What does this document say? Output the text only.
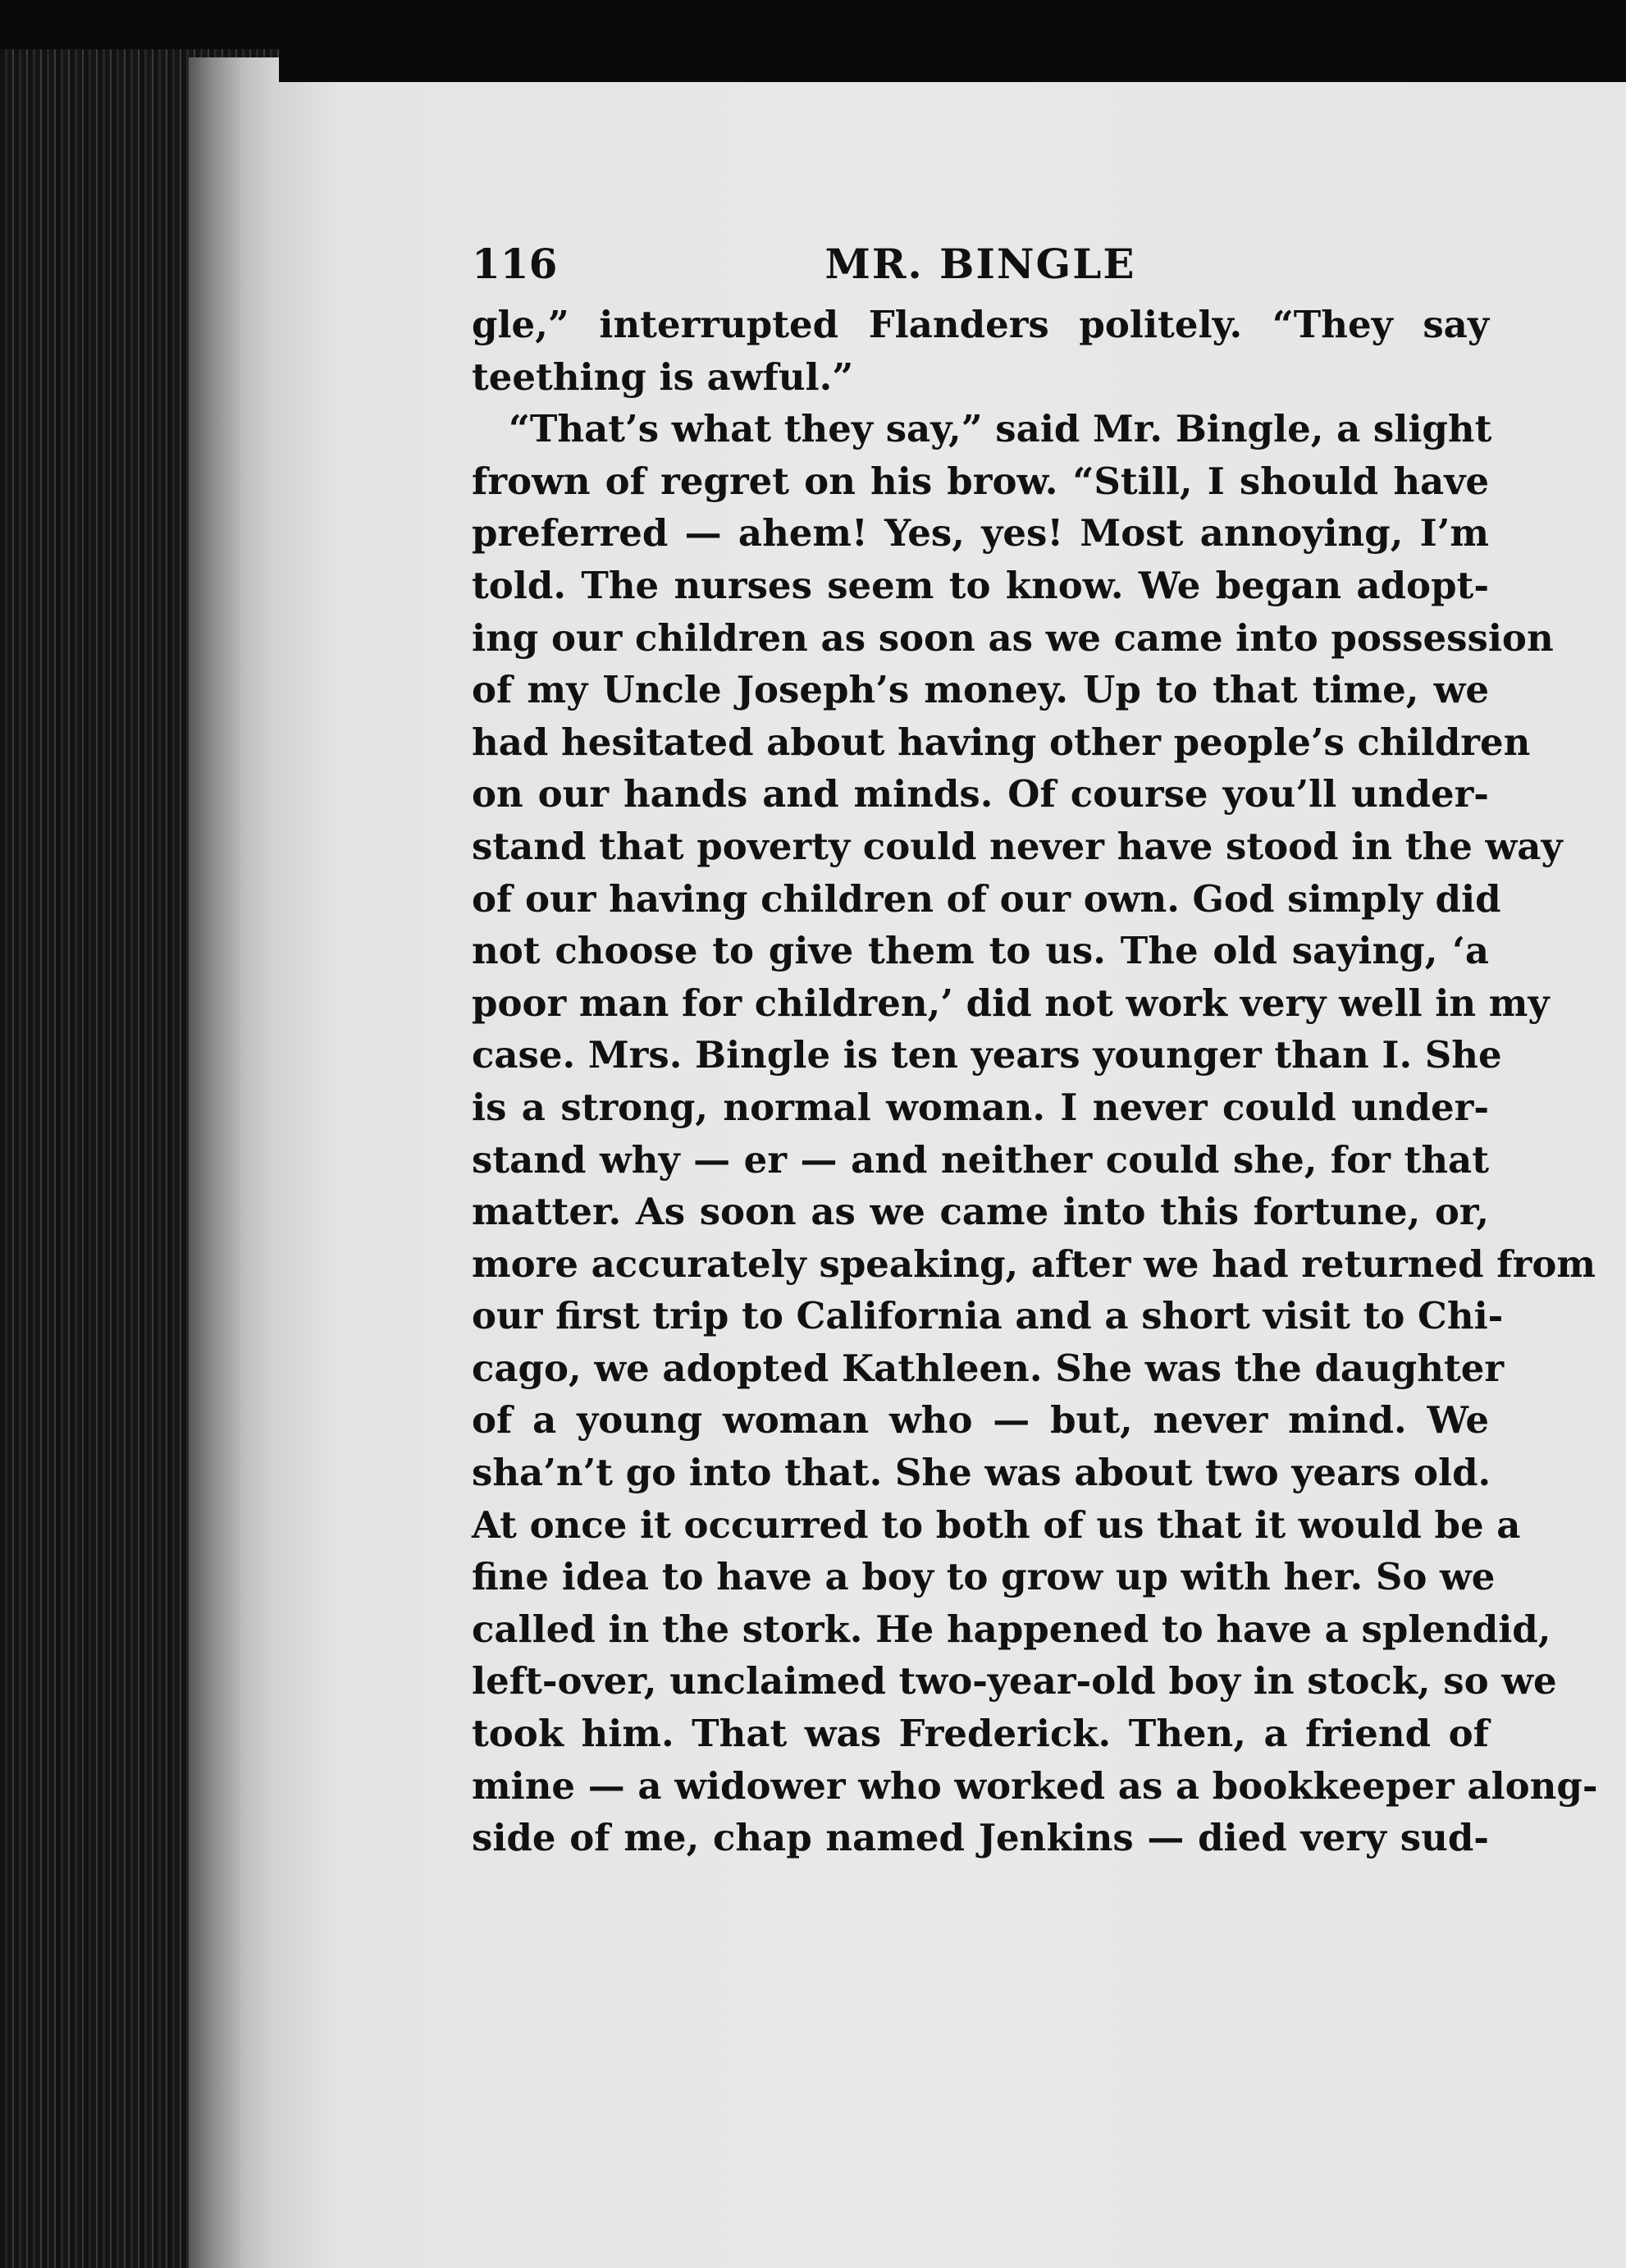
116	MR. BINGLE
gle,” interrupted Flanders politely. “They say
teething is awful.”
“That’s what they say,” said Mr. Bingle, a slight
frown of regret on his brow. “Still, I should have
preferred — ahem! Yes, yes! Most annoying, I’m
told. The nurses seem to know. We began adopt-
ing our children as soon as we came into possession
of my Uncle Joseph’s money. Up to that time, we
had hesitated about having other people’s children
on our hands and minds. Of course you’ll under-
stand that poverty could never have stood in the way
of our having children of our own. God simply did
not choose to give them to us. The old saying, ‘a
poor man for children,’ did not work very well in my
case. Mrs. Bingle is ten years younger than I. She
is a strong, normal woman. I never could under-
stand why — er — and neither could she, for that
matter. As soon as we came into this fortune, or,
more accurately speaking, after we had returned from
our first trip to California and a short visit to Chi-
cago, we adopted Kathleen. She was the daughter
of a young woman who — but, never mind. We
sha’n’t go into that. She was about two years old.
At once it occurred to both of us that it would be a
fine idea to have a boy to grow up with her. So we
called in the stork. He happened to have a splendid,
left-over, unclaimed two-year-old boy in stock, so we
took him. That was Frederick. Then, a friend of
mine — a widower who worked as a bookkeeper along-
side of me, chap named Jenkins — died very sud-
